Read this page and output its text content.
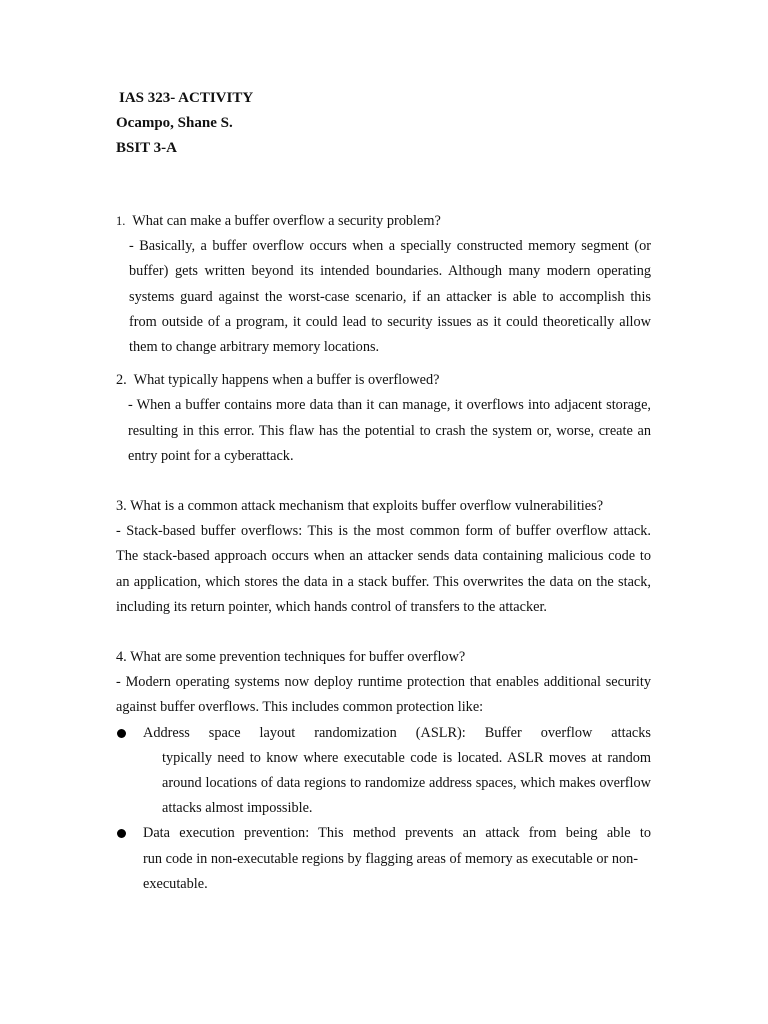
IAS 323- ACTIVITY
Ocampo, Shane S.
BSIT 3-A
1. What can make a buffer overflow a security problem?

- Basically, a buffer overflow occurs when a specially constructed memory segment (or buffer) gets written beyond its intended boundaries. Although many modern operating systems guard against the worst-case scenario, if an attacker is able to accomplish this from outside of a program, it could lead to security issues as it could theoretically allow them to change arbitrary memory locations.

2. What typically happens when a buffer is overflowed?

- When a buffer contains more data than it can manage, it overflows into adjacent storage, resulting in this error. This flaw has the potential to crash the system or, worse, create an entry point for a cyberattack.

3. What is a common attack mechanism that exploits buffer overflow vulnerabilities?

- Stack-based buffer overflows: This is the most common form of buffer overflow attack. The stack-based approach occurs when an attacker sends data containing malicious code to an application, which stores the data in a stack buffer. This overwrites the data on the stack, including its return pointer, which hands control of transfers to the attacker.

4. What are some prevention techniques for buffer overflow?

- Modern operating systems now deploy runtime protection that enables additional security against buffer overflows. This includes common protection like:

Address space layout randomization (ASLR): Buffer overflow attacks
typically need to know where executable code is located. ASLR moves at random around locations of data regions to randomize address spaces, which makes overflow attacks almost impossible.
Data execution prevention: This method prevents an attack from being able to
run code in non-executable regions by flagging areas of memory as executable or non-executable.
